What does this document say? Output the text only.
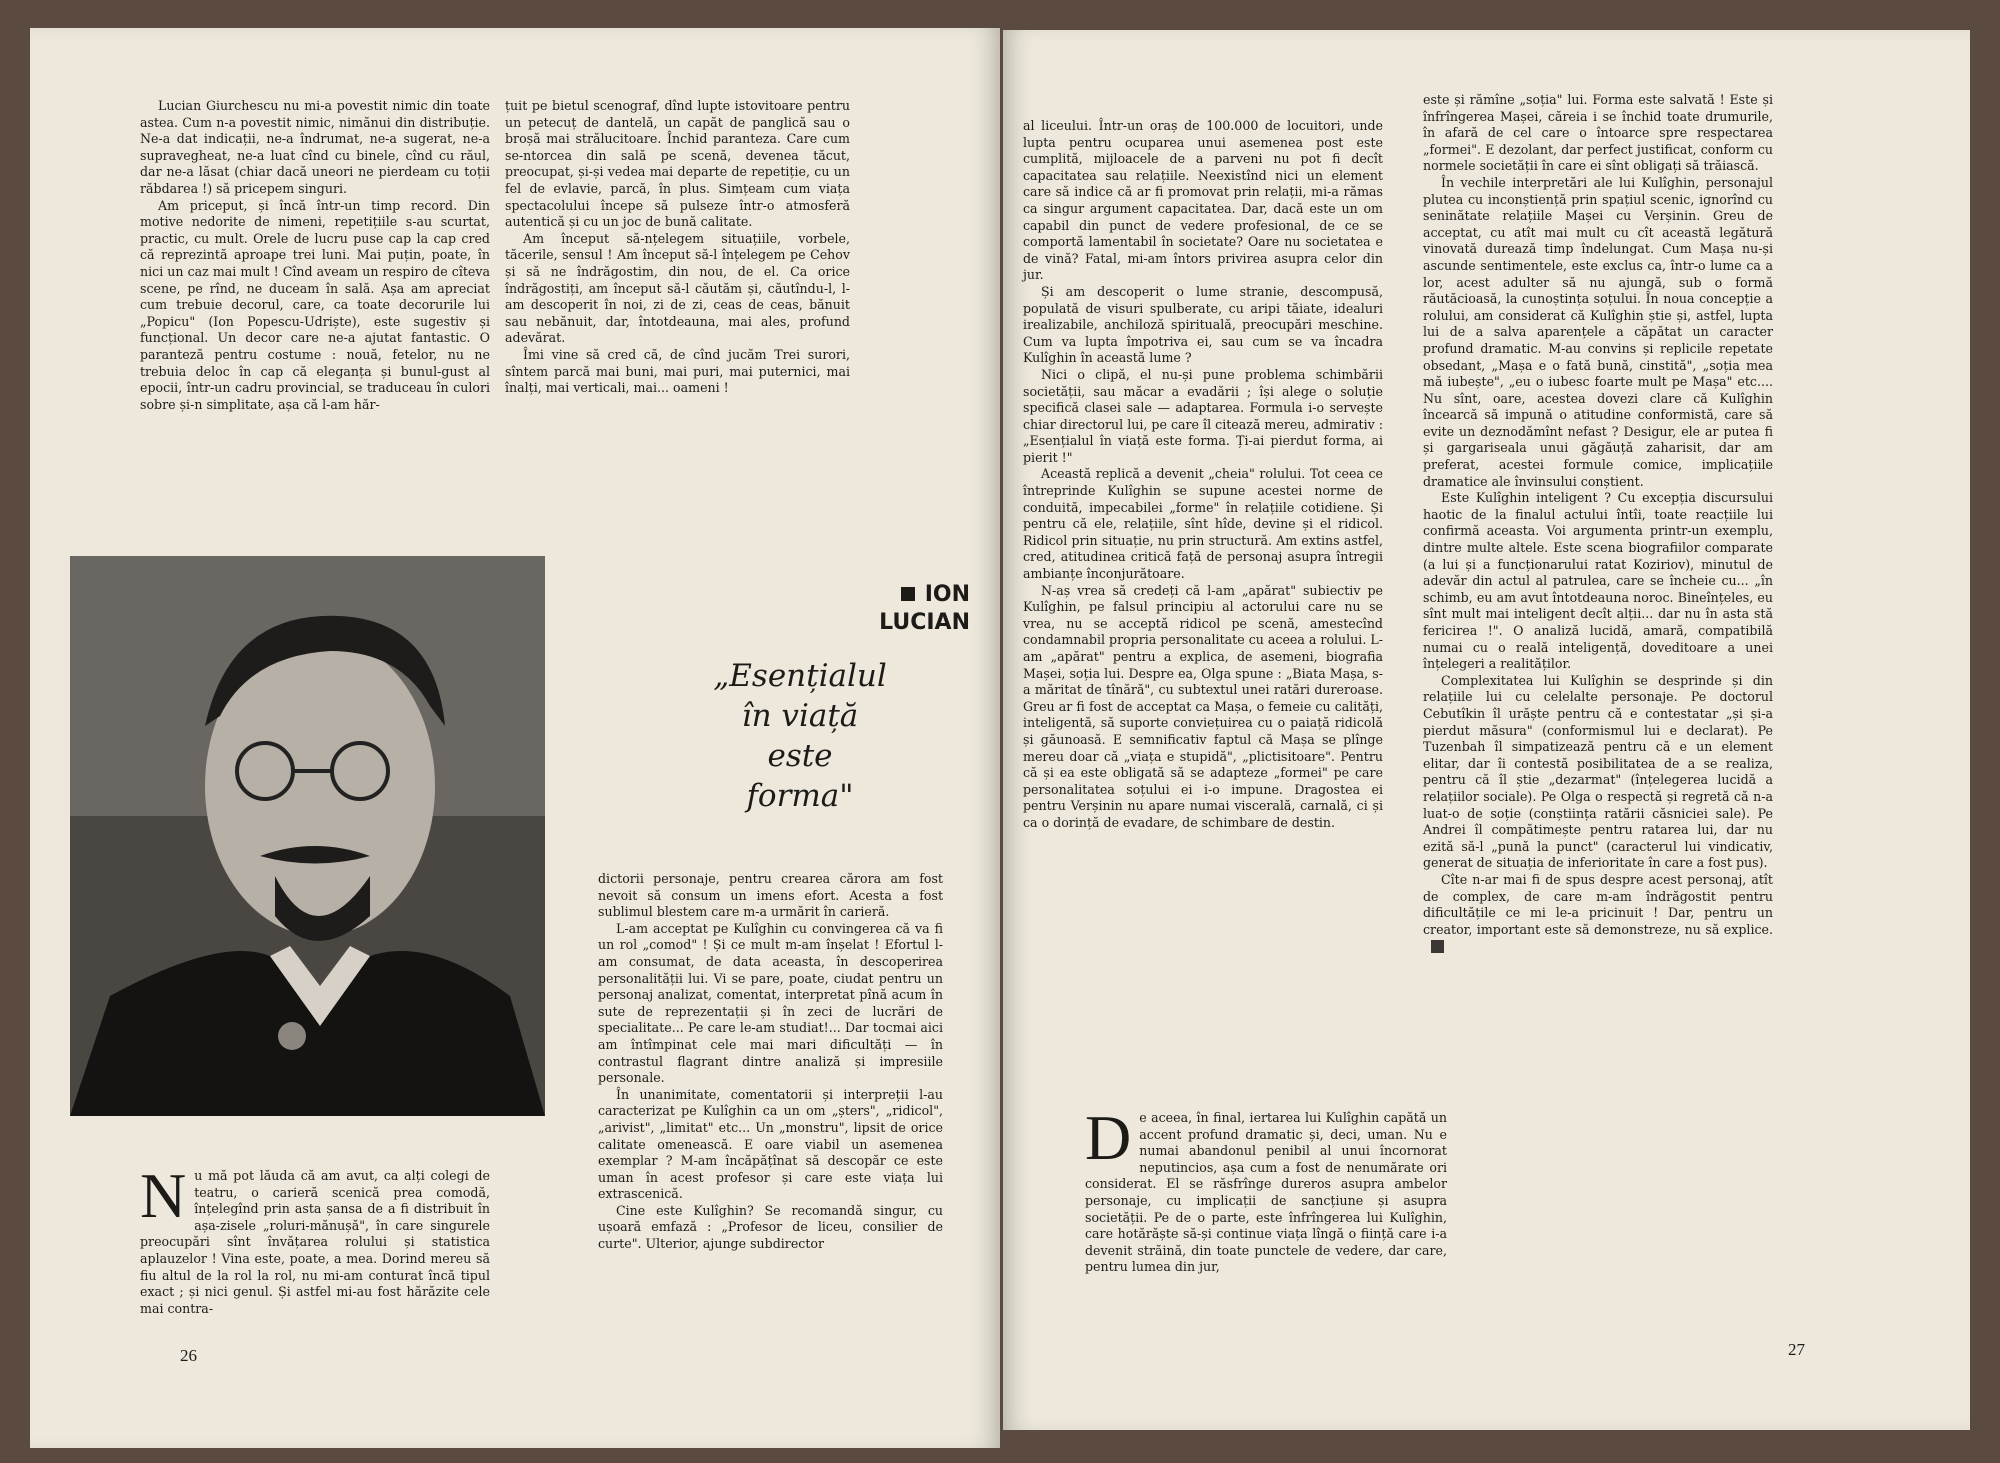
Lucian Giurchescu nu mi-a povestit nimic din toate astea. Cum n-a povestit nimic, nimănui din distribuție. Ne-a dat indicații, ne-a îndrumat, ne-a sugerat, ne-a supravegheat, ne-a luat cînd cu binele, cînd cu răul, dar ne-a lăsat (chiar dacă uneori ne pierdeam cu toții răbdarea !) să pricepem singuri.

Am priceput, și încă într-un timp record. Din motive nedorite de nimeni, repetițiile s-au scurtat, practic, cu mult. Orele de lucru puse cap la cap cred că reprezintă aproape trei luni. Mai puțin, poate, în nici un caz mai mult ! Cînd aveam un respiro de cîteva scene, pe rînd, ne duceam în sală. Așa am apreciat cum trebuie decorul, care, ca toate decorurile lui „Popicu" (Ion Popescu-Udriște), este sugestiv și funcțional. Un decor care ne-a ajutat fantastic. O paranteză pentru costume : nouă, fetelor, nu ne trebuia deloc în cap că eleganța și bunul-gust al epocii, într-un cadru provincial, se traduceau în culori sobre și-n simplitate, așa că l-am hăr-

țuit pe bietul scenograf, dînd lupte istovitoare pentru un petecuț de dantelă, un capăt de panglică sau o broșă mai strălucitoare. Închid paranteza. Care cum se-ntorcea din sală pe scenă, devenea tăcut, preocupat, și-și vedea mai departe de repetiție, cu un fel de evlavie, parcă, în plus. Simțeam cum viața spectacolului începe să pulseze într-o atmosferă autentică și cu un joc de bună calitate.

Am început să-nțelegem situațiile, vorbele, tăcerile, sensul ! Am început să-l înțelegem pe Cehov și să ne îndrăgostim, din nou, de el. Ca orice îndrăgostiți, am început să-l căutăm și, căutîndu-l, l-am descoperit în noi, zi de zi, ceas de ceas, bănuit sau nebănuit, dar, întotdeauna, mai ales, profund adevărat.

Îmi vine să cred că, de cînd jucăm Trei surori, sîntem parcă mai buni, mai puri, mai puternici, mai înalți, mai verticali, mai... oameni !

ION
LUCIAN
„Esențialul
în viață
este
forma"
N u mă pot lăuda că am avut, ca alți colegi de teatru, o carieră scenică prea comodă, înțelegînd prin asta șansa de a fi distribuit în așa-zisele „roluri-mănușă", în care singurele preocupări sînt învățarea rolului și statistica aplauzelor ! Vina este, poate, a mea. Dorind mereu să fiu altul de la rol la rol, nu mi-am conturat încă tipul exact ; și nici genul. Și astfel mi-au fost hărăzite cele mai contra-

dictorii personaje, pentru crearea cărora am fost nevoit să consum un imens efort. Acesta a fost sublimul blestem care m-a urmărit în carieră.

L-am acceptat pe Kulîghin cu convingerea că va fi un rol „comod" ! Și ce mult m-am înșelat ! Efortul l-am consumat, de data aceasta, în descoperirea personalității lui. Vi se pare, poate, ciudat pentru un personaj analizat, comentat, interpretat pînă acum în sute de reprezentații și în zeci de lucrări de specialitate... Pe care le-am studiat!... Dar tocmai aici am întîmpinat cele mai mari dificultăți — în contrastul flagrant dintre analiză și impresiile personale.

În unanimitate, comentatorii și interpreții l-au caracterizat pe Kulîghin ca un om „șters", „ridicol", „arivist", „limitat" etc... Un „monstru", lipsit de orice calitate omenească. E oare viabil un asemenea exemplar ? M-am încăpățînat să descopăr ce este uman în acest profesor și care este viața lui extrascenică.

Cine este Kulîghin? Se recomandă singur, cu ușoară emfază : „Profesor de liceu, consilier de curte". Ulterior, ajunge subdirector

26

al liceului. Într-un oraș de 100.000 de locuitori, unde lupta pentru ocuparea unui asemenea post este cumplită, mijloacele de a parveni nu pot fi decît capacitatea sau relațiile. Neexistînd nici un element care să indice că ar fi promovat prin relații, mi-a rămas ca singur argument capacitatea. Dar, dacă este un om capabil din punct de vedere profesional, de ce se comportă lamentabil în societate? Oare nu societatea e de vină? Fatal, mi-am întors privirea asupra celor din jur.

Și am descoperit o lume stranie, descompusă, populată de visuri spulberate, cu aripi tăiate, idealuri irealizabile, anchiloză spirituală, preocupări meschine. Cum va lupta împotriva ei, sau cum se va încadra Kulîghin în această lume ?

Nici o clipă, el nu-și pune problema schimbării societății, sau măcar a evadării ; își alege o soluție specifică clasei sale — adaptarea. Formula i-o servește chiar directorul lui, pe care îl citează mereu, admirativ : „Esențialul în viață este forma. Ți-ai pierdut forma, ai pierit !"

Această replică a devenit „cheia" rolului. Tot ceea ce întreprinde Kulîghin se supune acestei norme de conduită, impecabilei „forme" în relațiile cotidiene. Și pentru că ele, relațiile, sînt hîde, devine și el ridicol. Ridicol prin situație, nu prin structură. Am extins astfel, cred, atitudinea critică față de personaj asupra întregii ambianțe înconjurătoare.

N-aș vrea să credeți că l-am „apărat" subiectiv pe Kulîghin, pe falsul principiu al actorului care nu se vrea, nu se acceptă ridicol pe scenă, amestecînd condamnabil propria personalitate cu aceea a rolului. L-am „apărat" pentru a explica, de asemeni, biografia Mașei, soția lui. Despre ea, Olga spune : „Biata Mașa, s-a măritat de tînără", cu subtextul unei ratări dureroase. Greu ar fi fost de acceptat ca Mașa, o femeie cu calități, inteligentă, să suporte conviețuirea cu o paiață ridicolă și găunoasă. E semnificativ faptul că Mașa se plînge mereu doar că „viața e stupidă", „plictisitoare". Pentru că și ea este obligată să se adapteze „formei" pe care personalitatea soțului ei i-o impune. Dragostea ei pentru Verșinin nu apare numai viscerală, carnală, ci și ca o dorință de evadare, de schimbare de destin.

D e aceea, în final, iertarea lui Kulîghin capătă un accent profund dramatic și, deci, uman. Nu e numai abandonul penibil al unui încornorat neputincios, așa cum a fost de nenumărate ori considerat. El se răsfrînge dureros asupra ambelor personaje, cu implicații de sancțiune și asupra societății. Pe de o parte, este înfrîngerea lui Kulîghin, care hotărăște să-și continue viața lîngă o ființă care i-a devenit străină, din toate punctele de vedere, dar care, pentru lumea din jur,

este și rămîne „soția" lui. Forma este salvată ! Este și înfrîngerea Mașei, căreia i se închid toate drumurile, în afară de cel care o întoarce spre respectarea „formei". E dezolant, dar perfect justificat, conform cu normele societății în care ei sînt obligați să trăiască.

În vechile interpretări ale lui Kulîghin, personajul plutea cu inconștiență prin spațiul scenic, ignorînd cu seninătate relațiile Mașei cu Verșinin. Greu de acceptat, cu atît mai mult cu cît această legătură vinovată durează timp îndelungat. Cum Mașa nu-și ascunde sentimentele, este exclus ca, într-o lume ca a lor, acest adulter să nu ajungă, sub o formă răutăcioasă, la cunoștința soțului. În noua concepție a rolului, am considerat că Kulîghin știe și, astfel, lupta lui de a salva aparențele a căpătat un caracter profund dramatic. M-au convins și replicile repetate obsedant, „Mașa e o fată bună, cinstită", „soția mea mă iubește", „eu o iubesc foarte mult pe Mașa" etc.... Nu sînt, oare, acestea dovezi clare că Kulîghin încearcă să impună o atitudine conformistă, care să evite un deznodămînt nefast ? Desigur, ele ar putea fi și gargariseala unui găgăuță zaharisit, dar am preferat, acestei formule comice, implicațiile dramatice ale învinsului conștient.

Este Kulîghin inteligent ? Cu excepția discursului haotic de la finalul actului întîi, toate reacțiile lui confirmă aceasta. Voi argumenta printr-un exemplu, dintre multe altele. Este scena biografiilor comparate (a lui și a funcționarului ratat Koziriov), minutul de adevăr din actul al patrulea, care se încheie cu... „în schimb, eu am avut întotdeauna noroc. Bineînțeles, eu sînt mult mai inteligent decît alții... dar nu în asta stă fericirea !". O analiză lucidă, amară, compatibilă numai cu o reală inteligență, doveditoare a unei înțelegeri a realităților.

Complexitatea lui Kulîghin se desprinde și din relațiile lui cu celelalte personaje. Pe doctorul Cebutîkin îl urăște pentru că e contestatar „și și-a pierdut măsura" (conformismul lui e declarat). Pe Tuzenbah îl simpatizează pentru că e un element elitar, dar îi contestă posibilitatea de a se realiza, pentru că îl știe „dezarmat" (înțelegerea lucidă a relațiilor sociale). Pe Olga o respectă și regretă că n-a luat-o de soție (conștiința ratării căsniciei sale). Pe Andrei îl compătimește pentru ratarea lui, dar nu ezită să-l „pună la punct" (caracterul lui vindicativ, generat de situația de inferioritate în care a fost pus).

Cîte n-ar mai fi de spus despre acest personaj, atît de complex, de care m-am îndrăgostit pentru dificultățile ce mi le-a pricinuit ! Dar, pentru un creator, important este să demonstreze, nu să explice.

27
